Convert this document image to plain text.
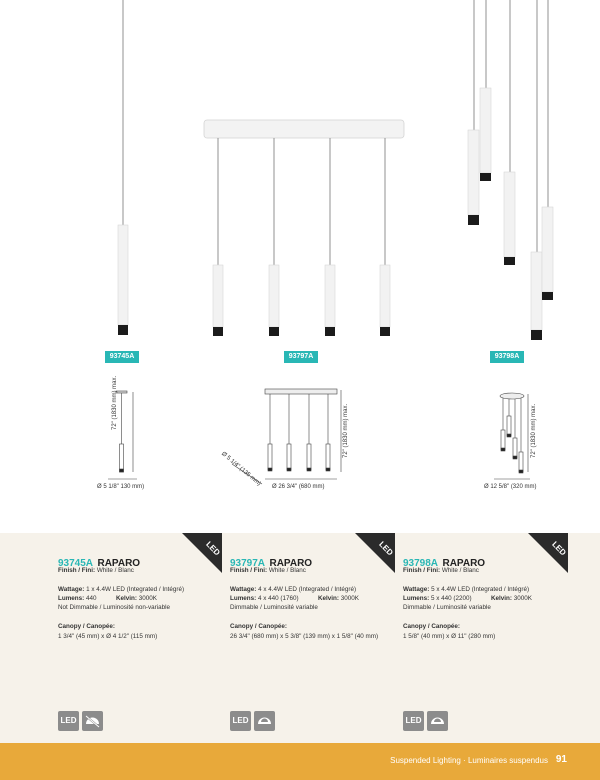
93745A	93797A	93798A
72" (1830 mm) max.
Ø 5 1/8" 130 mm)
72" (1830 mm) max.
Ø 5 1/4" (135 mm) Ø 26 3/4" (680 mm)
72" (1830 mm) max.
Ø 12 5/8" (320 mm)
93745A RAPARO
Finish / Fini: White / Blanc
Wattage: 1 x 4.4W LED (Integrated / Intégré)
Lumens: 440	Kelvin: 3000K
Not Dimmable / Luminosité non-variable
Canopy / Canopée:
1 3/4" (45 mm) x Ø 4 1/2" (115 mm)
LED
93797A RAPARO
Finish / Fini: White / Blanc
Wattage: 4 x 4.4W LED (Integrated / Intégré)
Lumens: 4 x 440 (1760)	Kelvin: 3000K
Dimmable / Luminosité variable
Canopy / Canopée:
26 3/4" (680 mm) x 5 3/8" (139 mm) x 1 5/8" (40 mm)
LED
93798A RAPARO
Finish / Fini: White / Blanc
Wattage: 5 x 4.4W LED (Integrated / Intégré)
Lumens: 5 x 440 (2200)	Kelvin: 3000K
Dimmable / Luminosité variable
Canopy / Canopée:
1 5/8" (40 mm) x Ø 11" (280 mm)
LED
LED	LED	LED
Suspended Lighting · Luminaires suspendus 91
